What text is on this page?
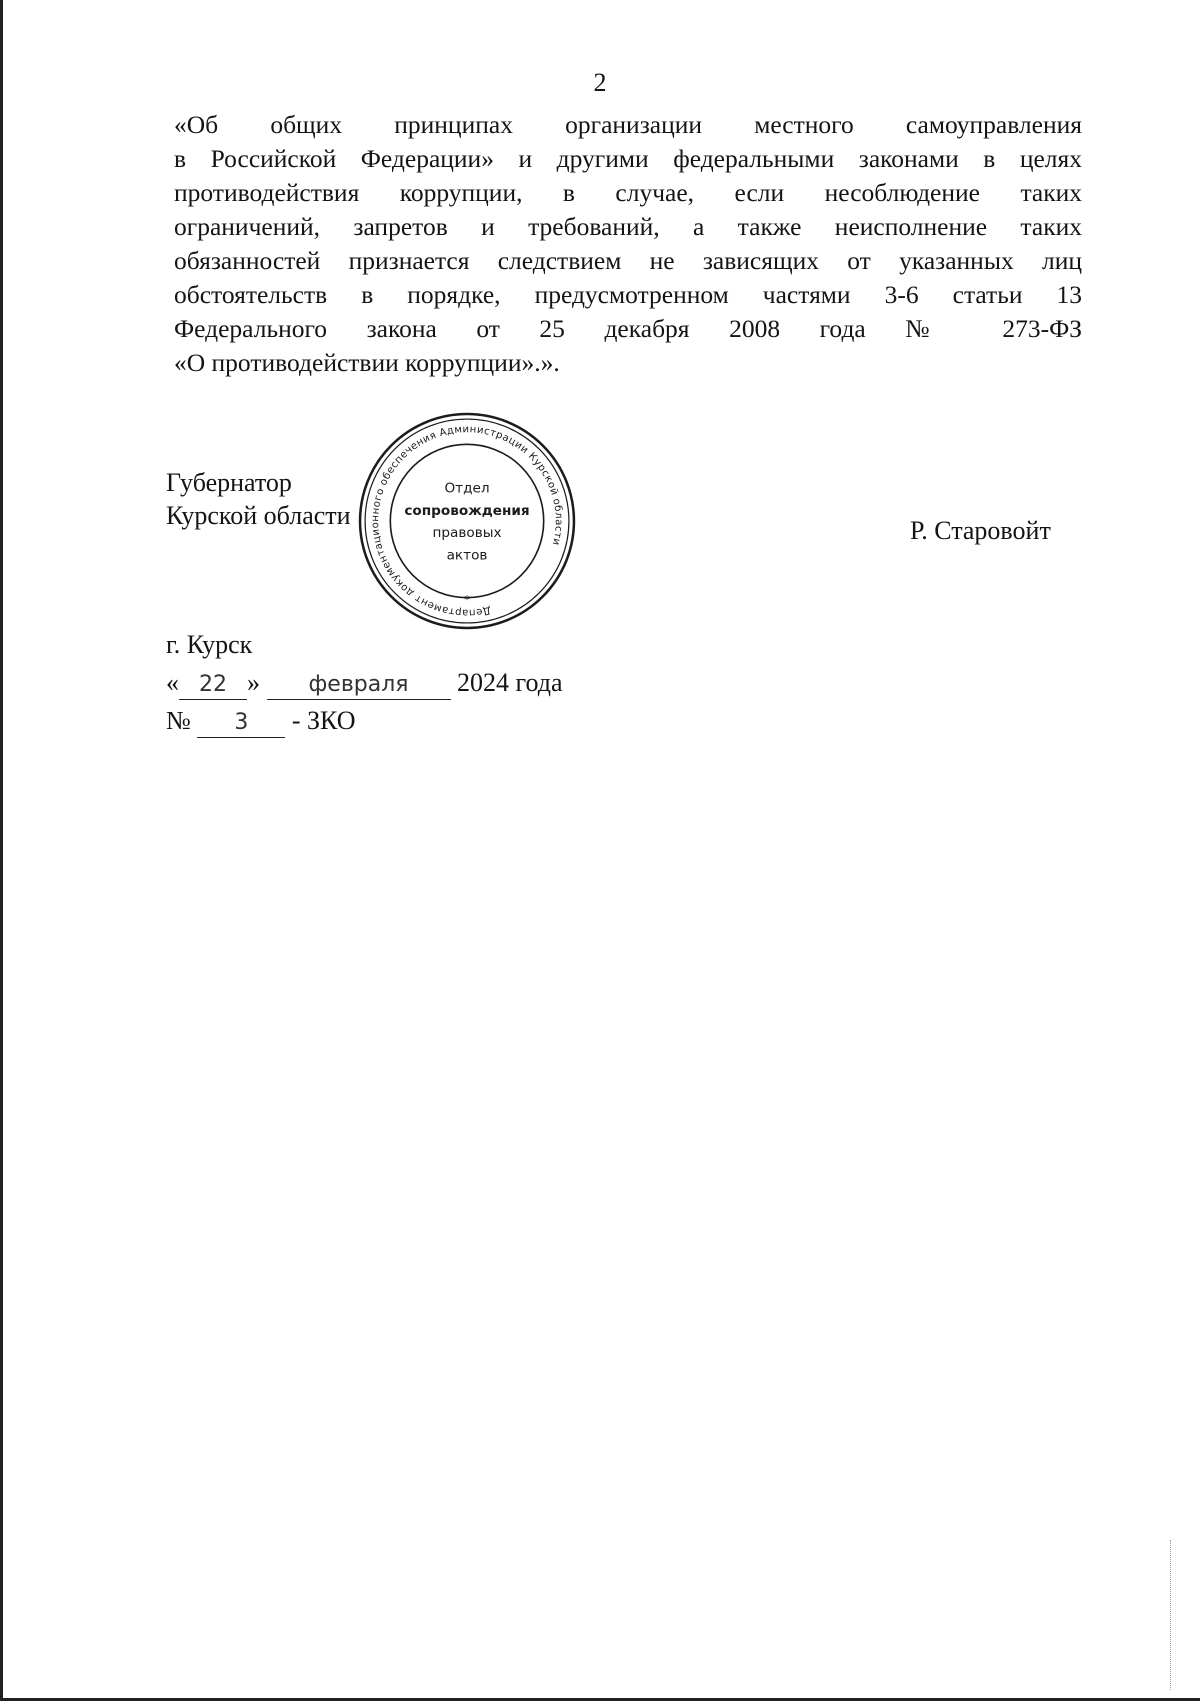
2
«Об общих принципах организации местного самоуправления
в Российской Федерации» и другими федеральными законами в целях
противодействия коррупции, в случае, если несоблюдение таких
ограничений, запретов и требований, а также неисполнение таких
обязанностей признается следствием не зависящих от указанных лиц
обстоятельств в порядке, предусмотренном частями 3-6 статьи 13
Федерального закона от 25 декабря 2008 года № 273-ФЗ
«О противодействии коррупции».».
Губернатор
Курской области
Р. Старовойт
Департамент документационного обеспечения Администрации Курской области
*
Отдел
сопровождения
правовых
актов
г. Курск
« 22 » февраля 2024 года
№ 3 - ЗКО
